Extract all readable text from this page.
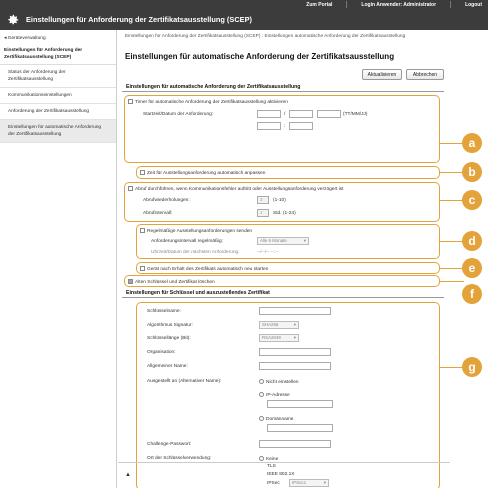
Zum Portal	Login Anwender: Administrator	Logout
Einstellungen für Anforderung der Zertifikatsausstellung (SCEP)
◂ Geräteverwaltung
Einstellungen für Anforderung der Zertifikatsausstellung (SCEP)
Status der Anforderung der Zertifikatsausstellung
Kommunikationseinstellungen
Anforderung der Zertifikatsausstellung
Einstellungen für automatische Anforderung der Zertifikatsausstellung
Einstellungen für Anforderung der Zertifikatsausstellung (SCEP) : Einstellungen automatische Anforderung der Zertifikatsausstellung
Einstellungen für automatische Anforderung der Zertifikatsausstellung
Aktualisieren	Abbrechen
Einstellungen für automatische Anforderung der Zertifikatsausstellung
Timer für automatische Anforderung der Zertifikatsausstellung aktivieren
Startzeit/Datum der Anforderung:	/	(TT/MM/JJ)
:
Zeit für Ausstellungsanforderung automatisch anpassen
Abruf durchführen, wenn Kommunikationsfehler auftritt oder Ausstellungsanforderung verzögert ist
Abrufwiederholungen:	3	(1-10)
Abrufintervall:	1	Std. (1-24)
Regelmäßige Ausstellungsanforderungen senden
Anforderungsintervall regelmäßig:	Alle 6 Monate ▾
Uhrzeit/Datum der nächsten Anforderung:	--/--/-- --:--
Gerät nach Erhalt des Zertifikats automatisch neu starten
Alten Schlüssel und Zertifikat löschen
Einstellungen für Schlüssel und auszustellendes Zertifikat
Schlüsselname:
Algorithmus Signatur:	SHA256 ▾
Schlüssellänge (Bit):	RSA2048 ▾
Organisation:
Allgemeiner Name:
Ausgestellt an (Alternativer Name):	Nicht einstellen
IP-Adresse
Domänname
Challenge-Passwort:
Ort der Schlüsselverwendung:	Keine
TLS
IEEE 802.1X
IPSec	IPSec1 ▾
▲
a
b
c
d
e
f
g
